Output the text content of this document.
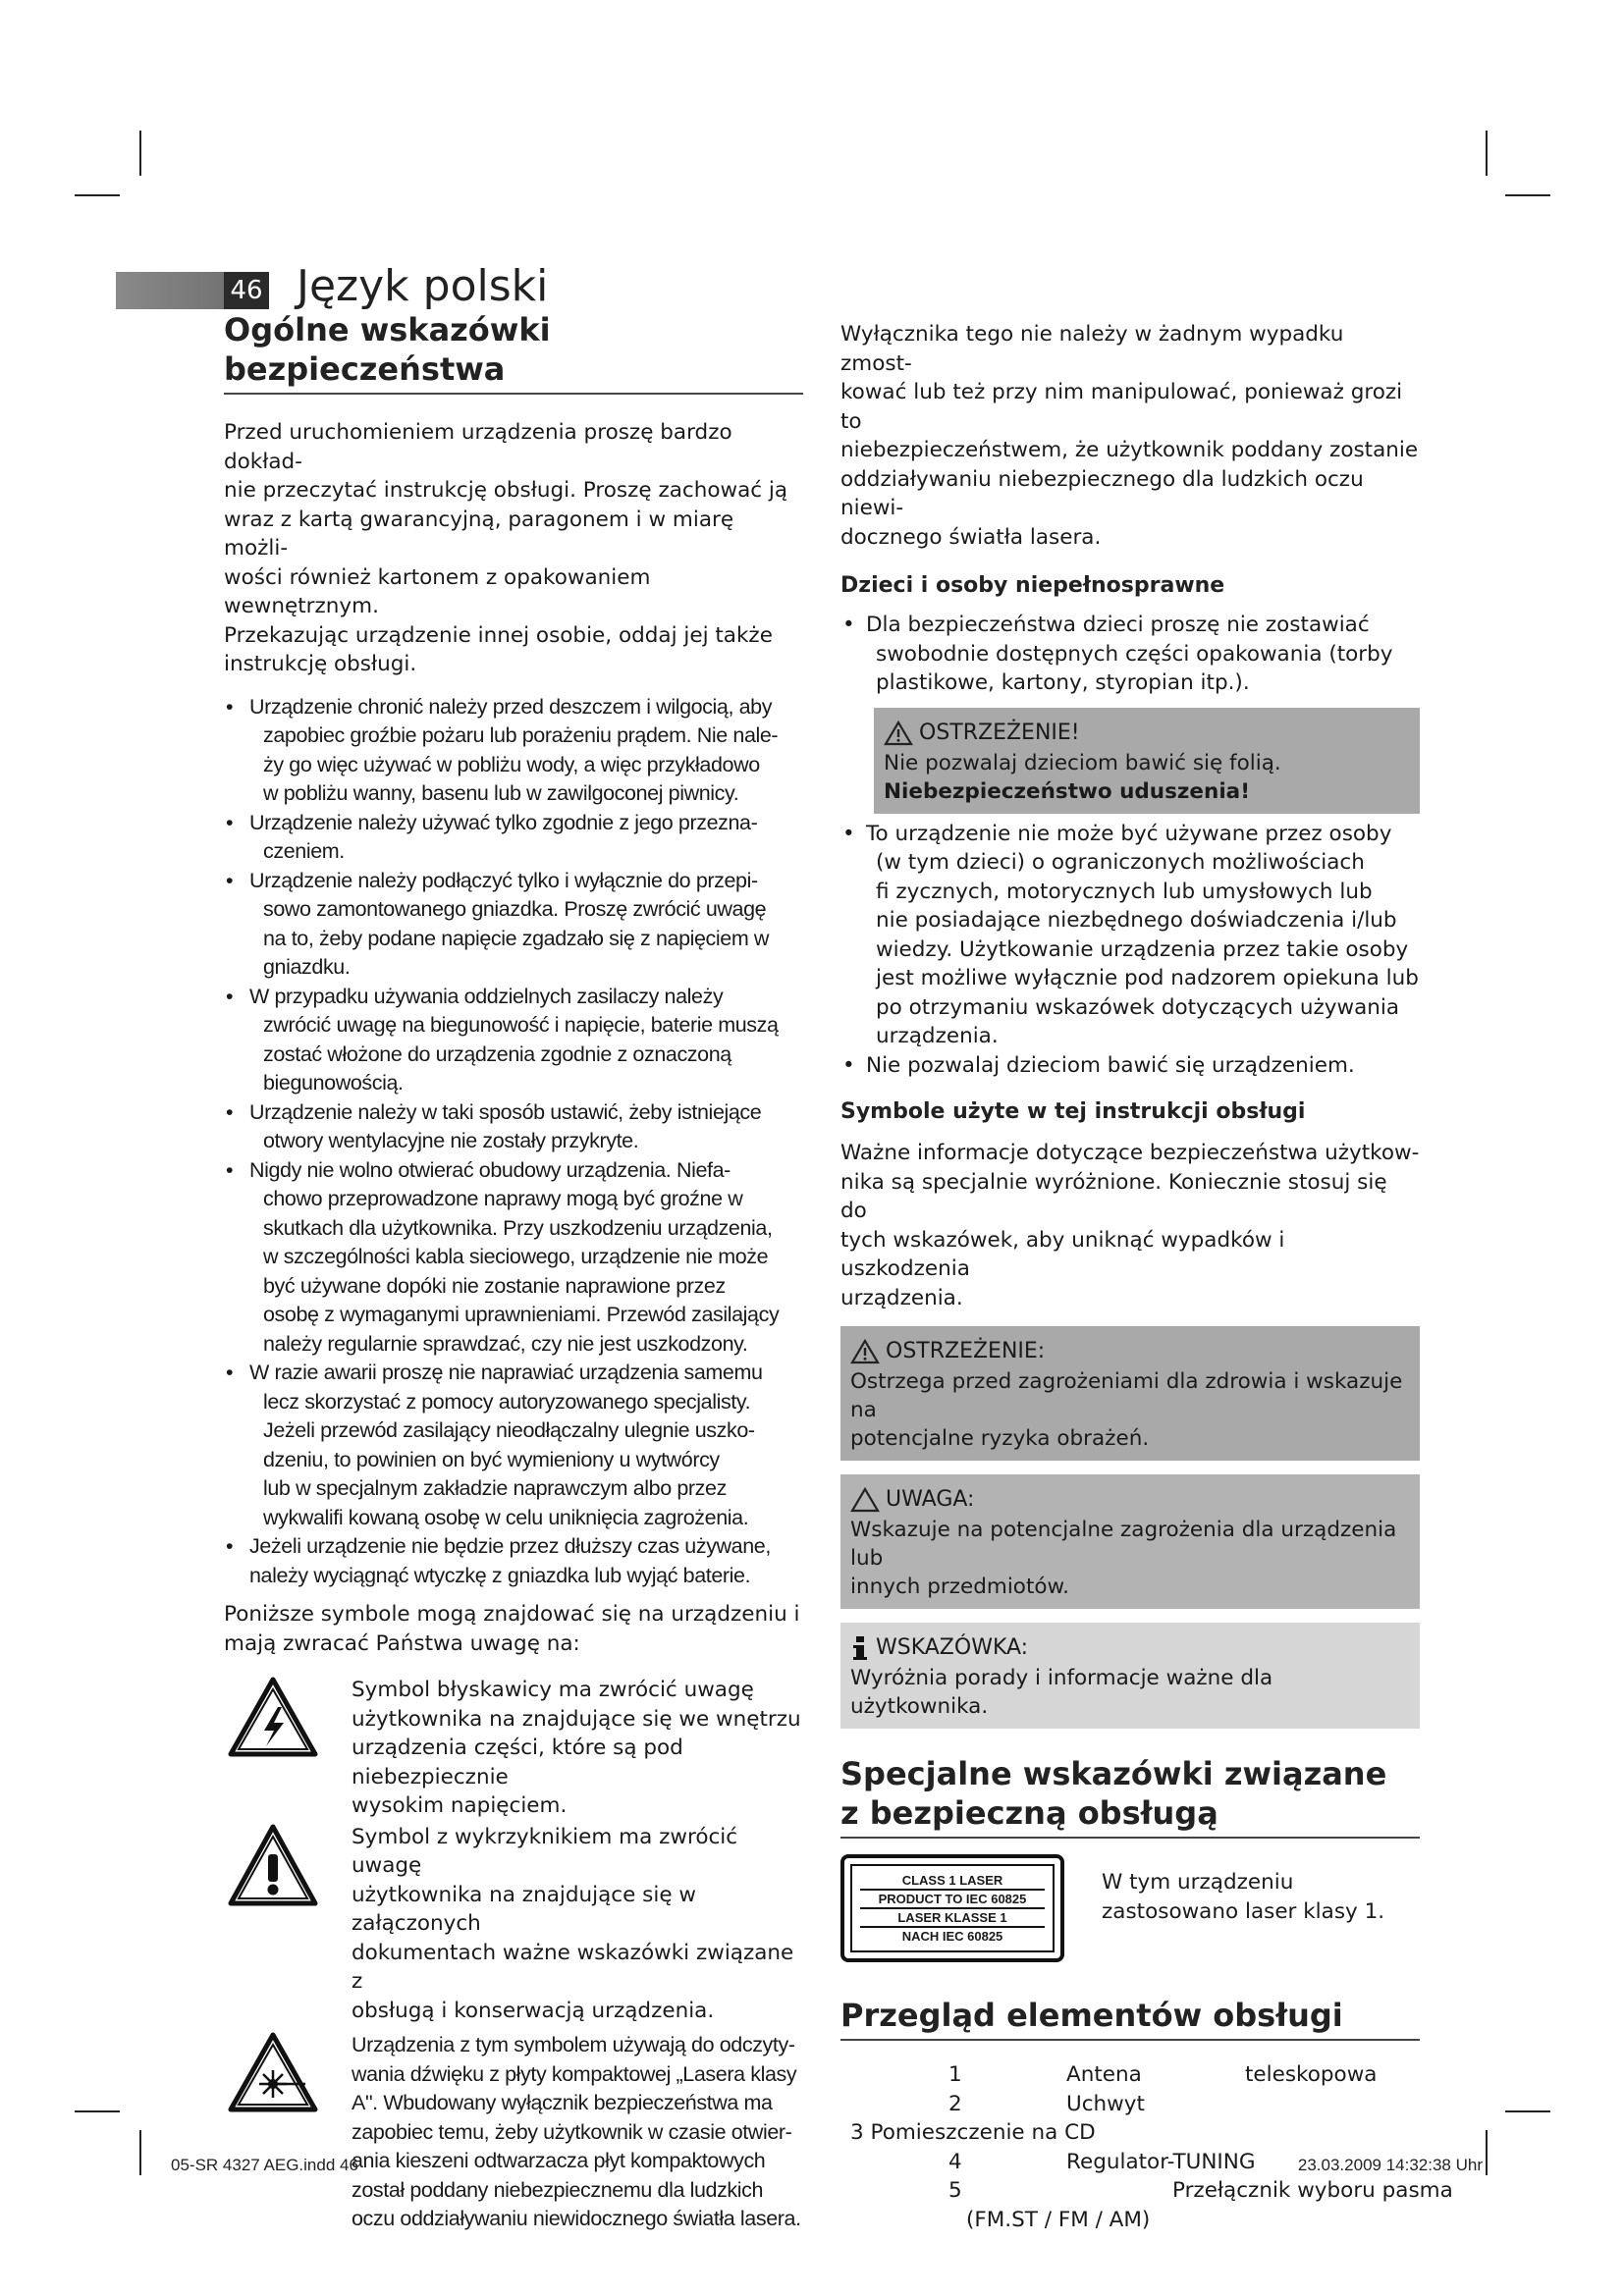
46 Język polski
Ogólne wskazówki bezpieczeństwa

Przed uruchomieniem urządzenia proszę bardzo dokład-
nie przeczytać instrukcję obsługi. Proszę zachować ją
wraz z kartą gwarancyjną, paragonem i w miarę możli-
wości również kartonem z opakowaniem wewnętrznym.
Przekazując urządzenie innej osobie, oddaj jej także
instrukcję obsługi.

• Urządzenie chronić należy przed deszczem i wilgocią, aby
zapobiec groźbie pożaru lub porażeniu prądem. Nie nale-
ży go więc używać w pobliżu wody, a więc przykładowo
w pobliżu wanny, basenu lub w zawilgoconej piwnicy.
• Urządzenie należy używać tylko zgodnie z jego przezna-
czeniem.
• Urządzenie należy podłączyć tylko i wyłącznie do przepi-
sowo zamontowanego gniazdka. Proszę zwrócić uwagę
na to, żeby podane napięcie zgadzało się z napięciem w
gniazdku.
• W przypadku używania oddzielnych zasilaczy należy
zwrócić uwagę na biegunowość i napięcie, baterie muszą
zostać włożone do urządzenia zgodnie z oznaczoną
biegunowością.
• Urządzenie należy w taki sposób ustawić, żeby istniejące
otwory wentylacyjne nie zostały przykryte.
• Nigdy nie wolno otwierać obudowy urządzenia. Niefa-
chowo przeprowadzone naprawy mogą być groźne w
skutkach dla użytkownika. Przy uszkodzeniu urządzenia,
w szczególności kabla sieciowego, urządzenie nie może
być używane dopóki nie zostanie naprawione przez
osobę z wymaganymi uprawnieniami. Przewód zasilający
należy regularnie sprawdzać, czy nie jest uszkodzony.
• W razie awarii proszę nie naprawiać urządzenia samemu
lecz skorzystać z pomocy autoryzowanego specjalisty.
Jeżeli przewód zasilający nieodłączalny ulegnie uszko-
dzeniu, to powinien on być wymieniony u wytwórcy
lub w specjalnym zakładzie naprawczym albo przez
wykwalifi kowaną osobę w celu uniknięcia zagrożenia.
• Jeżeli urządzenie nie będzie przez dłuższy czas używane,
należy wyciągnąć wtyczkę z gniazdka lub wyjąć baterie.

Poniższe symbole mogą znajdować się na urządzeniu i
mają zwracać Państwa uwagę na:

Symbol błyskawicy ma zwrócić uwagę
użytkownika na znajdujące się we wnętrzu
urządzenia części, które są pod niebezpiecznie
wysokim napięciem.
Symbol z wykrzyknikiem ma zwrócić uwagę
użytkownika na znajdujące się w załączonych
dokumentach ważne wskazówki związane z
obsługą i konserwacją urządzenia.
Urządzenia z tym symbolem używają do odczyty-
wania dźwięku z płyty kompaktowej „Lasera klasy
A". Wbudowany wyłącznik bezpieczeństwa ma
zapobiec temu, żeby użytkownik w czasie otwier-
ania kieszeni odtwarzacza płyt kompaktowych
został poddany niebezpiecznemu dla ludzkich
oczu oddziaływaniu niewidocznego światła lasera.

Wyłącznika tego nie należy w żadnym wypadku zmost-
kować lub też przy nim manipulować, ponieważ grozi to
niebezpieczeństwem, że użytkownik poddany zostanie
oddziaływaniu niebezpiecznego dla ludzkich oczu niewi-
docznego światła lasera.

Dzieci i osoby niepełnosprawne

• Dla bezpieczeństwa dzieci proszę nie zostawiać
swobodnie dostępnych części opakowania (torby
plastikowe, kartony, styropian itp.).
OSTRZEŻENIE!
Nie pozwalaj dzieciom bawić się folią.
Niebezpieczeństwo uduszenia!
• To urządzenie nie może być używane przez osoby
(w tym dzieci) o ograniczonych możliwościach
fi zycznych, motorycznych lub umysłowych lub
nie posiadające niezbędnego doświadczenia i/lub
wiedzy. Użytkowanie urządzenia przez takie osoby
jest możliwe wyłącznie pod nadzorem opiekuna lub
po otrzymaniu wskazówek dotyczących używania
urządzenia.
• Nie pozwalaj dzieciom bawić się urządzeniem.

Symbole użyte w tej instrukcji obsługi

Ważne informacje dotyczące bezpieczeństwa użytkow-
nika są specjalnie wyróżnione. Koniecznie stosuj się do
tych wskazówek, aby uniknąć wypadków i uszkodzenia
urządzenia.

OSTRZEŻENIE:
Ostrzega przed zagrożeniami dla zdrowia i wskazuje na
potencjalne ryzyka obrażeń.
UWAGA:
Wskazuje na potencjalne zagrożenia dla urządzenia lub
innych przedmiotów.
WSKAZÓWKA:
Wyróżnia porady i informacje ważne dla użytkownika.
Specjalne wskazówki związane
z bezpieczną obsługą
CLASS 1 LASER
PRODUCT TO IEC 60825
LASER KLASSE 1
NACH IEC 60825
W tym urządzeniu
zastosowano laser klasy 1.
Przegląd elementów obsługi
1	Antena	teleskopowa
2	Uchwyt
3 Pomieszczenie na CD
4	Regulator-TUNING
5	Przełącznik wyboru pasma
(FM.ST / FM / AM)
05-SR 4327 AEG.indd 46	23.03.2009 14:32:38 Uhr
